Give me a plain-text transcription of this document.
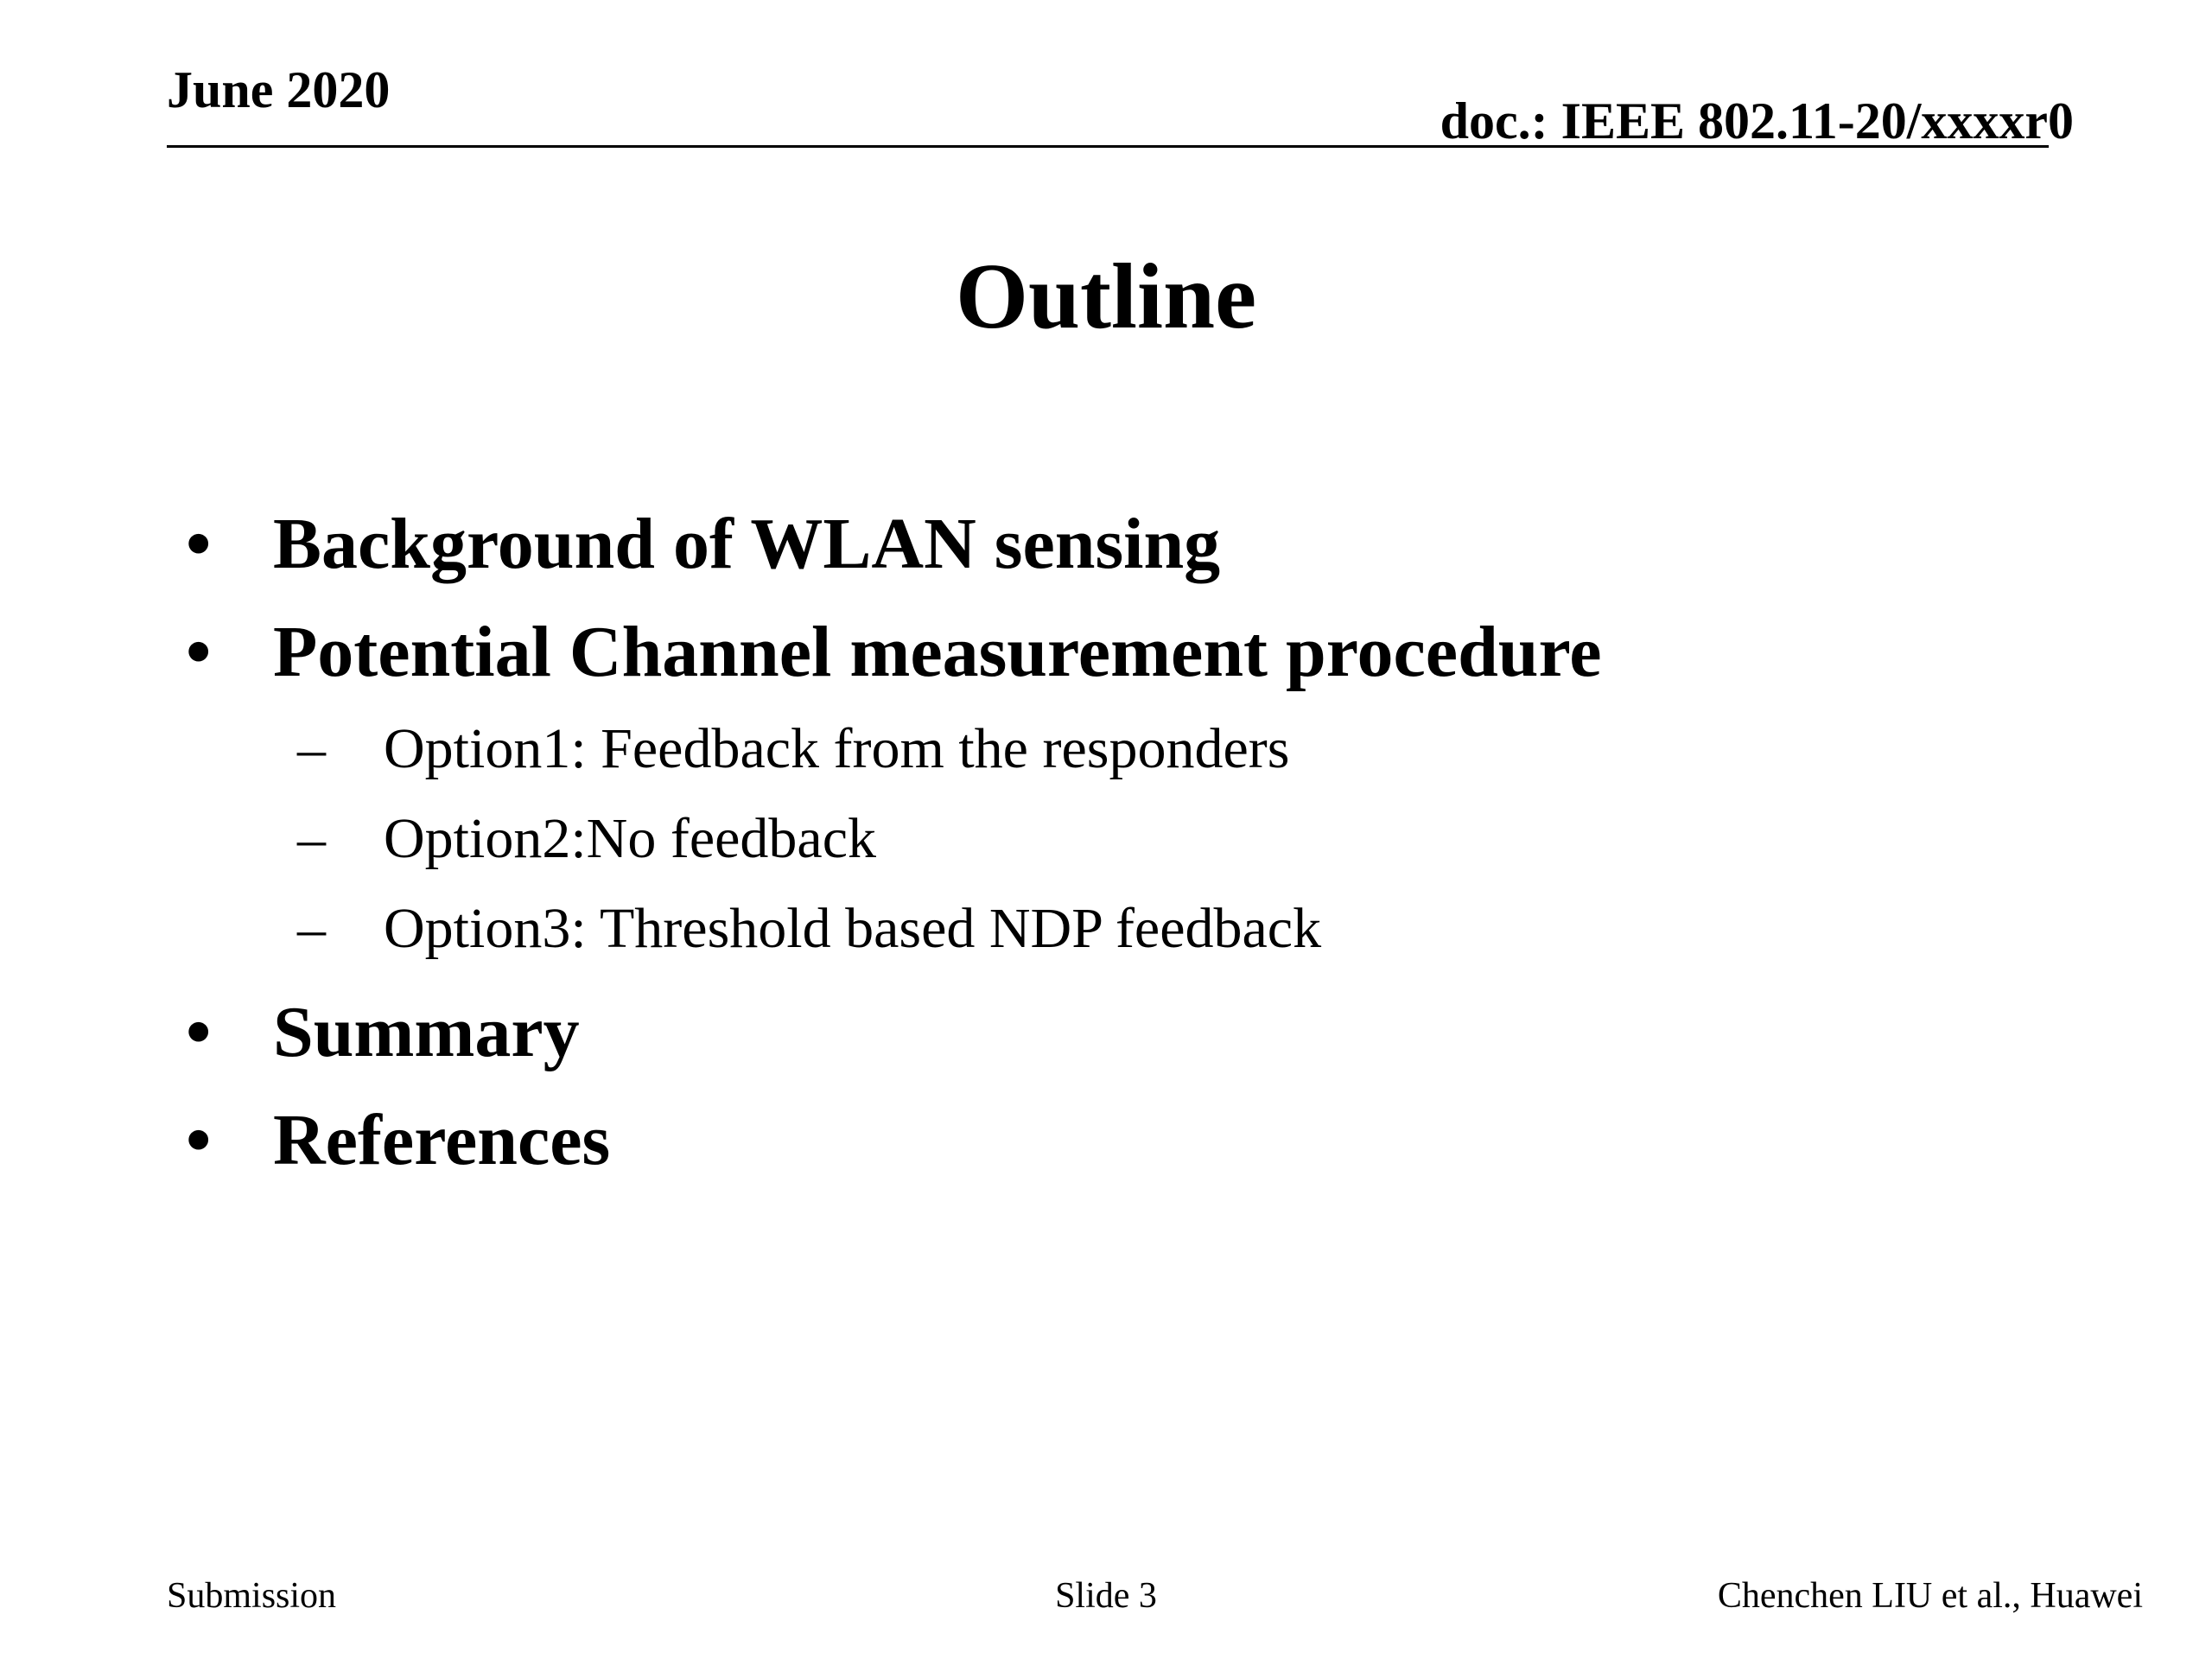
June 2020
doc.: IEEE 802.11-20/xxxxr0
Outline
• Background of WLAN sensing
• Potential Channel measurement procedure
– Option1: Feedback from the responders
– Option2:No feedback
– Option3: Threshold based NDP feedback
• Summary
• References
Submission	Slide 3	Chenchen LIU et al., Huawei
